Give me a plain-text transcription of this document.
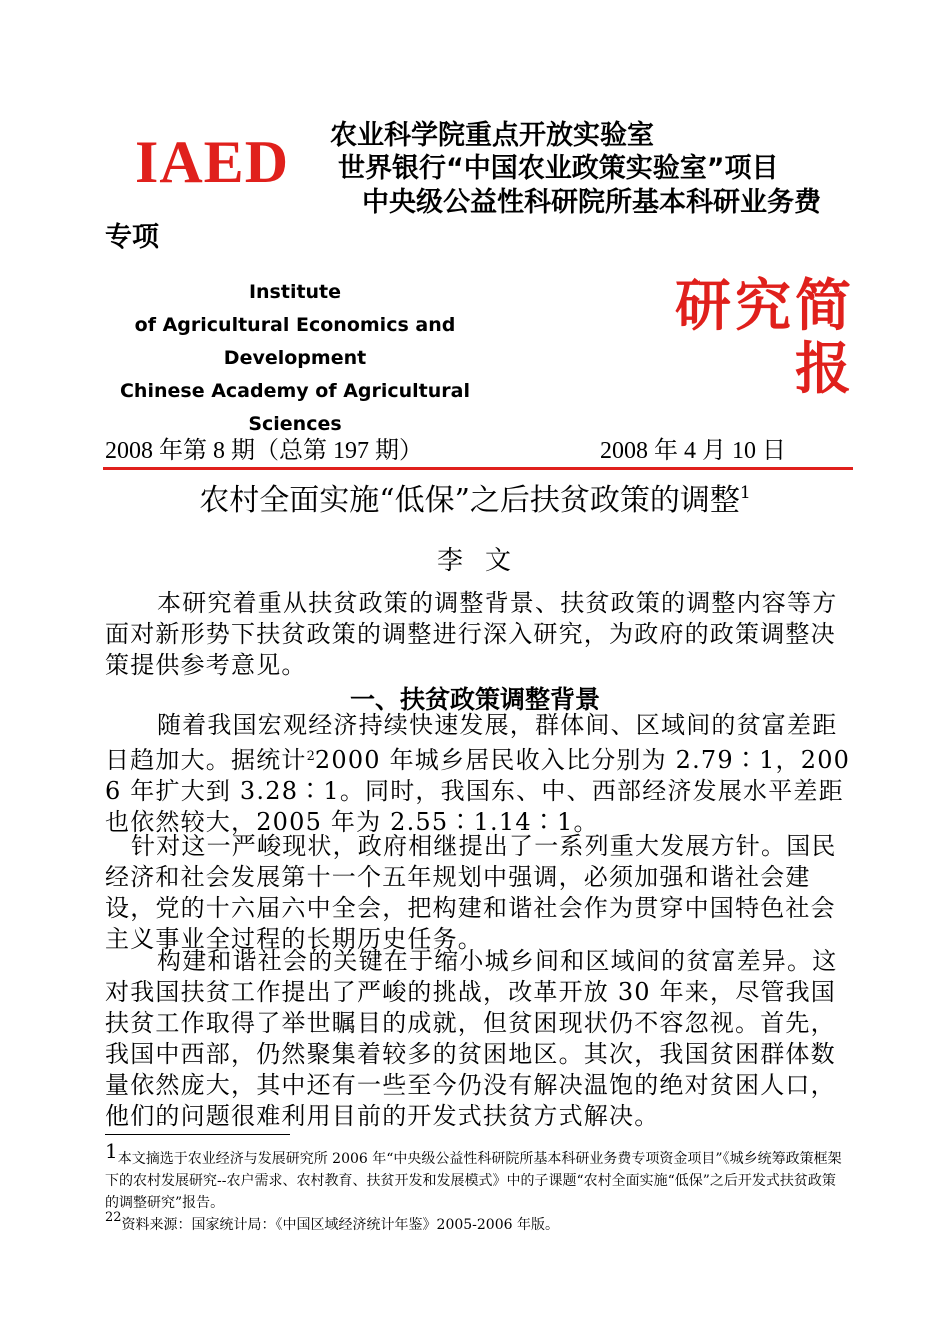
IAED 农业科学院重点开放实验室
世界银行“中国农业政策实验室”项目
中央级公益性科研院所基本科研业务费
专项
Institute
of Agricultural Economics and
Development
Chinese Academy of Agricultural Sciences
研究简
报
2008 年第 8 期（总第 197 期）	2008 年 4 月 10 日
农村全面实施“低保”之后扶贫政策的调整$^1$
李文
本研究着重从扶贫政策的调整背景、扶贫政策的调整内容等方面对新形势下扶贫政策的调整进行深入研究，为政府的政策调整决策提供参考意见。
一、扶贫政策调整背景
随着我国宏观经济持续快速发展，群体间、区域间的贫富差距日趋加大。据统计$^2$2000 年城乡居民收入比分别为 2.79∶1，2006 年扩大到 3.28∶1。同时，我国东、中、西部经济发展水平差距也依然较大，2005 年为 2.55∶1.14∶1。
针对这一严峻现状，政府相继提出了一系列重大发展方针。国民经济和社会发展第十一个五年规划中强调，必须加强和谐社会建设，党的十六届六中全会，把构建和谐社会作为贯穿中国特色社会主义事业全过程的长期历史任务。
构建和谐社会的关键在于缩小城乡间和区域间的贫富差异。这对我国扶贫工作提出了严峻的挑战，改革开放 30 年来，尽管我国扶贫工作取得了举世瞩目的成就，但贫困现状仍不容忽视。首先，我国中西部，仍然聚集着较多的贫困地区。其次，我国贫困群体数量依然庞大，其中还有一些至今仍没有解决温饱的绝对贫困人口，他们的问题很难利用目前的开发式扶贫方式解决。
1本文摘选于农业经济与发展研究所 2006 年“中央级公益性科研院所基本科研业务费专项资金项目”《城乡统筹政策框架下的农村发展研究--农户需求、农村教育、扶贫开发和发展模式》中的子课题“农村全面实施“低保”之后开发式扶贫政策的调整研究”报告。
$^{22}$资料来源：国家统计局：《中国区域经济统计年鉴》2005-2006 年版。
